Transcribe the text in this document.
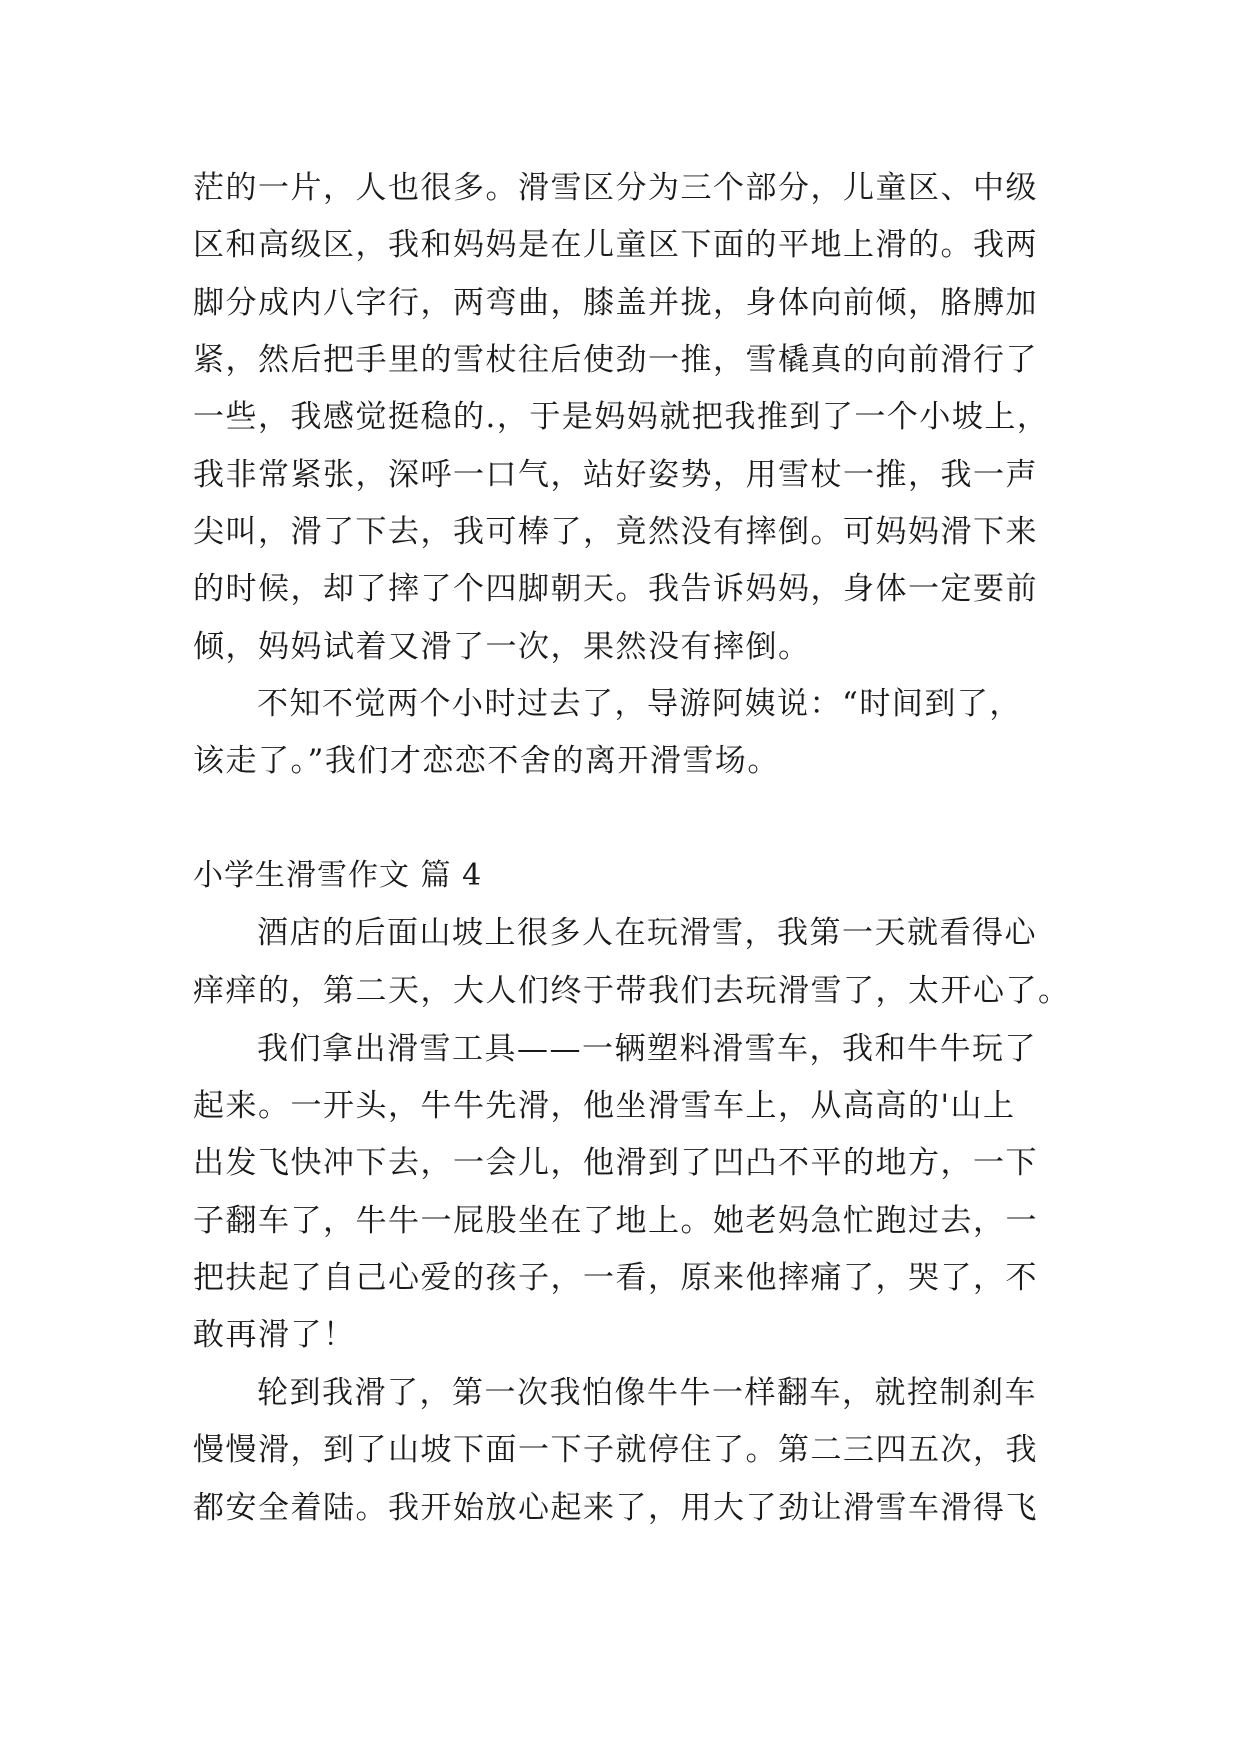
茫的一片，人也很多。滑雪区分为三个部分，儿童区、中级
区和高级区，我和妈妈是在儿童区下面的平地上滑的。我两
脚分成内八字行，两弯曲，膝盖并拢，身体向前倾，胳膊加
紧，然后把手里的雪杖往后使劲一推，雪橇真的向前滑行了
一些，我感觉挺稳的.，于是妈妈就把我推到了一个小坡上，
我非常紧张，深呼一口气，站好姿势，用雪杖一推，我一声
尖叫，滑了下去，我可棒了，竟然没有摔倒。可妈妈滑下来
的时候，却了摔了个四脚朝天。我告诉妈妈，身体一定要前
倾，妈妈试着又滑了一次，果然没有摔倒。
不知不觉两个小时过去了，导游阿姨说：“时间到了，
该走了。”我们才恋恋不舍的离开滑雪场。
小学生滑雪作文 篇 4
酒店的后面山坡上很多人在玩滑雪，我第一天就看得心
痒痒的，第二天，大人们终于带我们去玩滑雪了，太开心了。
我们拿出滑雪工具——一辆塑料滑雪车，我和牛牛玩了
起来。一开头，牛牛先滑，他坐滑雪车上，从高高的'山上
出发飞快冲下去，一会儿，他滑到了凹凸不平的地方，一下
子翻车了，牛牛一屁股坐在了地上。她老妈急忙跑过去，一
把扶起了自己心爱的孩子，一看，原来他摔痛了，哭了，不
敢再滑了！
轮到我滑了，第一次我怕像牛牛一样翻车，就控制刹车
慢慢滑，到了山坡下面一下子就停住了。第二三四五次，我
都安全着陆。我开始放心起来了，用大了劲让滑雪车滑得飞
